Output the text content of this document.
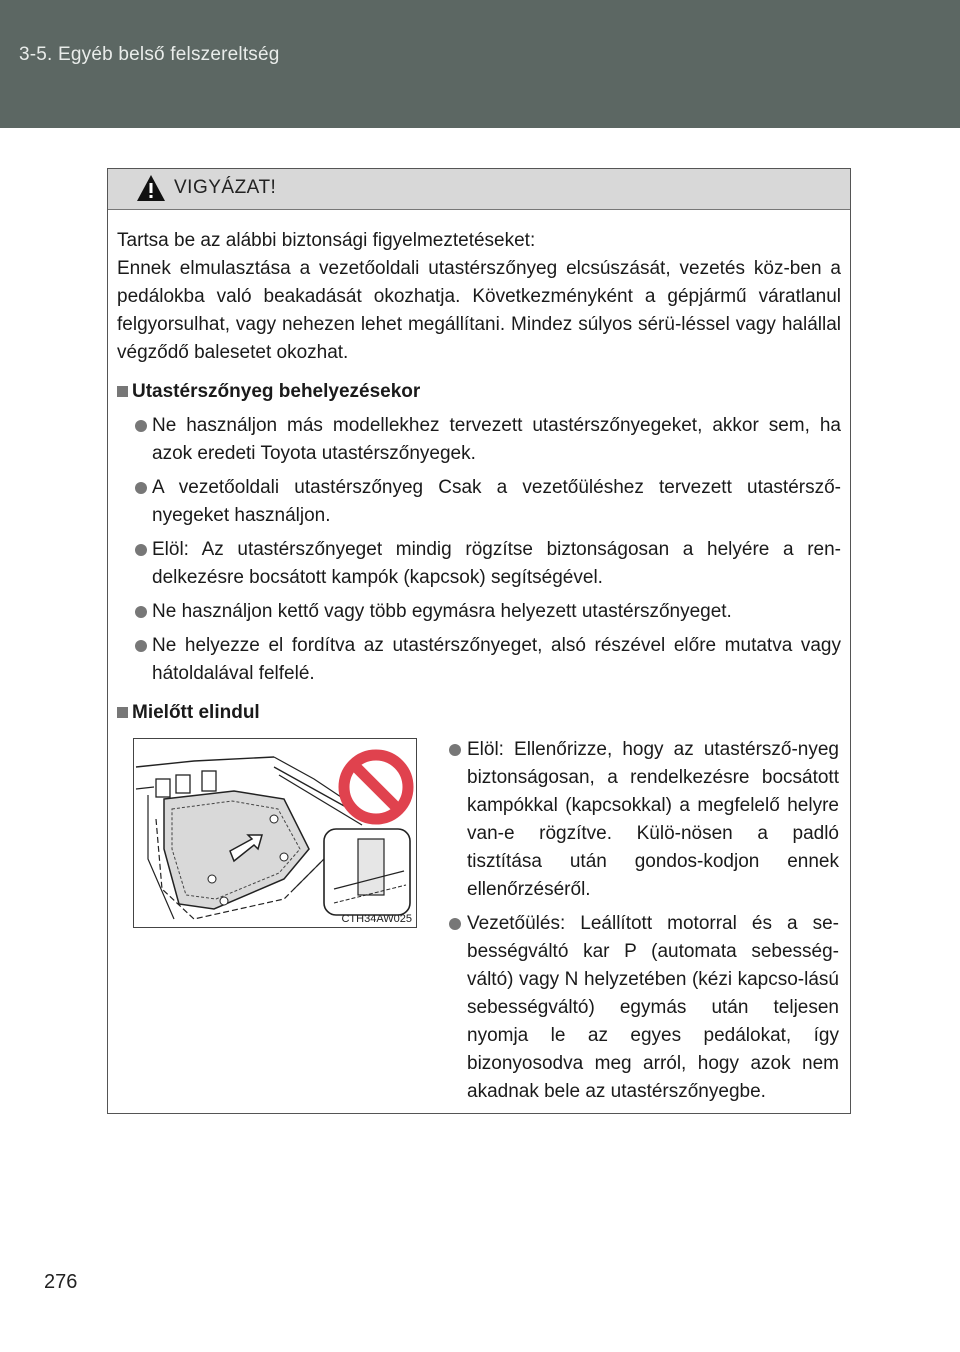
3-5. Egyéb belső felszereltség
VIGYÁZAT!

Tartsa be az alábbi biztonsági figyelmeztetéseket:

Ennek elmulasztása a vezetőoldali utastérszőnyeg elcsúszását, vezetés köz-ben a pedálokba való beakadását okozhatja. Következményként a gépjármű váratlanul felgyorsulhat, vagy nehezen lehet megállítani. Mindez súlyos sérü-léssel vagy halállal végződő balesetet okozhat.

Utastérszőnyeg behelyezésekor
Ne használjon más modellekhez tervezett utastérszőnyegeket, akkor sem, ha azok eredeti Toyota utastérszőnyegek.
A vezetőoldali utastérszőnyeg Csak a vezetőüléshez tervezett utastérsző-nyegeket használjon.
Elöl: Az utastérszőnyeget mindig rögzítse biztonságosan a helyére a ren-delkezésre bocsátott kampók (kapcsok) segítségével.
Ne használjon kettő vagy több egymásra helyezett utastérszőnyeget.
Ne helyezze el fordítva az utastérszőnyeget, alsó részével előre mutatva vagy hátoldalával felfelé.
Mielőtt elindul
CTH34AW025
Elöl: Ellenőrizze, hogy az utastérsző-nyeg biztonságosan, a rendelkezésre bocsátott kampókkal (kapcsokkal) a megfelelő helyre van-e rögzítve. Külö-nösen a padló tisztítása után gondos-kodjon ennek ellenőrzéséről.
Vezetőülés: Leállított motorral és a se-bességváltó kar P (automata sebesség-váltó) vagy N helyzetében (kézi kapcso-lású sebességváltó) egymás után teljesen nyomja le az egyes pedálokat, így bizonyosodva meg arról, hogy azok nem akadnak bele az utastérszőnyegbe.
276
